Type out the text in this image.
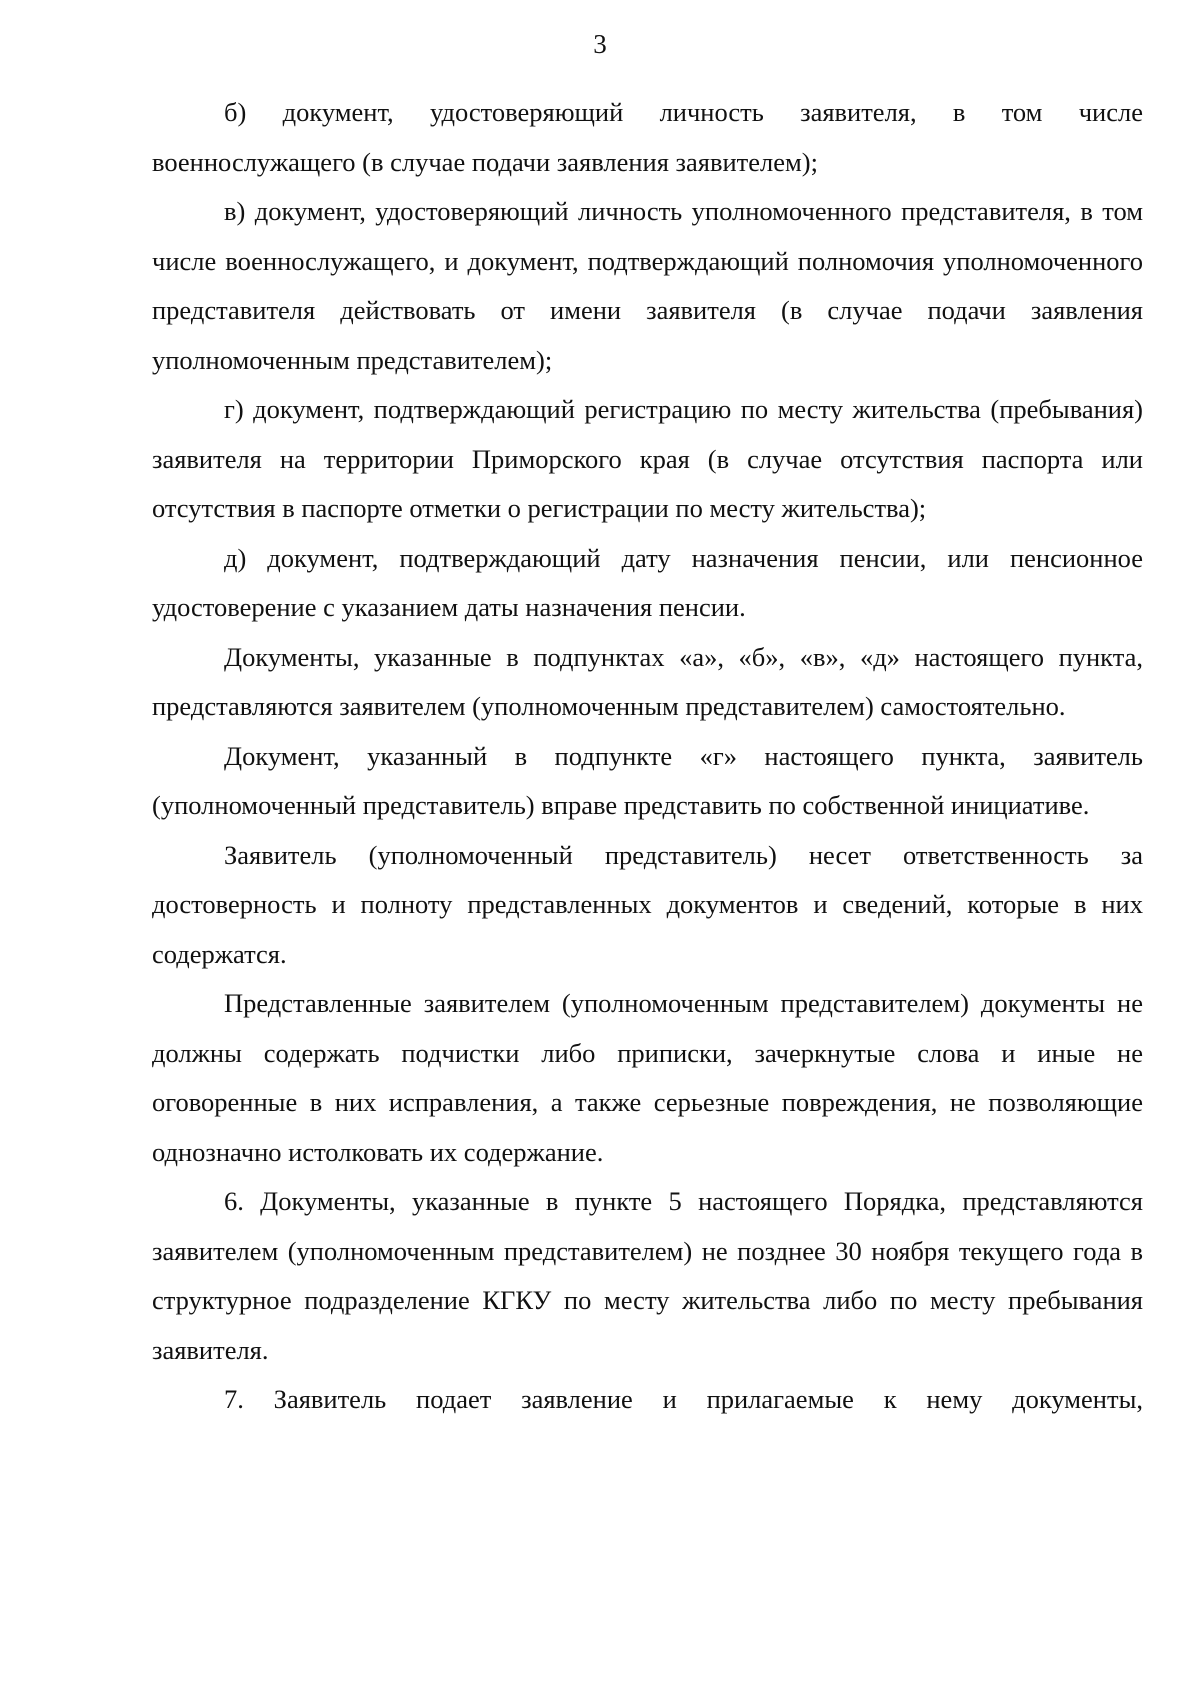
3

б) документ, удостоверяющий личность заявителя, в том числе военнослужащего (в случае подачи заявления заявителем);

в) документ, удостоверяющий личность уполномоченного представителя, в том числе военнослужащего, и документ, подтверждающий полномочия уполномоченного представителя действовать от имени заявителя (в случае подачи заявления уполномоченным представителем);

г) документ, подтверждающий регистрацию по месту жительства (пребывания) заявителя на территории Приморского края (в случае отсутствия паспорта или отсутствия в паспорте отметки о регистрации по месту жительства);

д) документ, подтверждающий дату назначения пенсии, или пенсионное удостоверение с указанием даты назначения пенсии.

Документы, указанные в подпунктах «а», «б», «в», «д» настоящего пункта, представляются заявителем (уполномоченным представителем) самостоятельно.

Документ, указанный в подпункте «г» настоящего пункта, заявитель (уполномоченный представитель) вправе представить по собственной инициативе.

Заявитель (уполномоченный представитель) несет ответственность за достоверность и полноту представленных документов и сведений, которые в них содержатся.

Представленные заявителем (уполномоченным представителем) документы не должны содержать подчистки либо приписки, зачеркнутые слова и иные не оговоренные в них исправления, а также серьезные повреждения, не позволяющие однозначно истолковать их содержание.

6. Документы, указанные в пункте 5 настоящего Порядка, представляются заявителем (уполномоченным представителем) не позднее 30 ноября текущего года в структурное подразделение КГКУ по месту жительства либо по месту пребывания заявителя.

7. Заявитель подает заявление и прилагаемые к нему документы,
